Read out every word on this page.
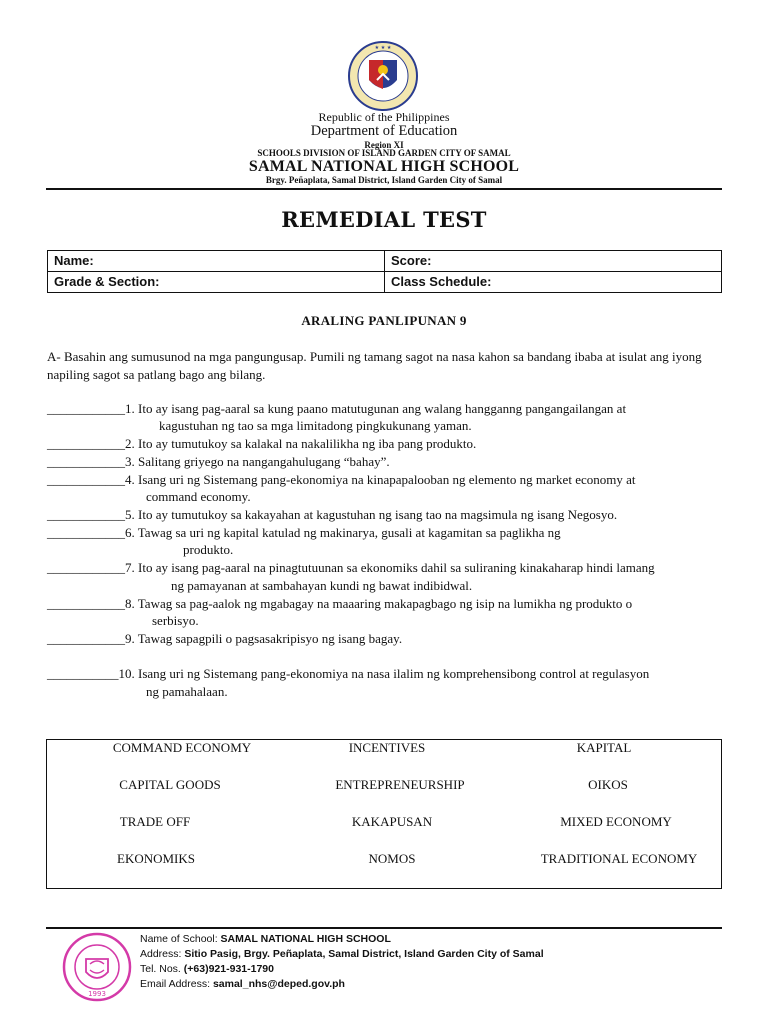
★ ★ ★
Republic of the Philippines
Department of Education
Region XI
SCHOOLS DIVISION OF ISLAND GARDEN CITY OF SAMAL
SAMAL NATIONAL HIGH SCHOOL
Brgy. Peñaplata, Samal District, Island Garden City of Samal
REMEDIAL TEST
Name:	Score:
Grade & Section:	Class Schedule:
ARALING PANLIPUNAN 9
A- Basahin ang sumusunod na mga pangungusap. Pumili ng tamang sagot na nasa kahon sa bandang ibaba at isulat ang iyong napiling sagot sa patlang bago ang bilang.
____________1. Ito ay isang pag-aaral sa kung paano matutugunan ang walang hangganng pangangailangan at
kagustuhan ng tao sa mga limitadong pingkukunang yaman.
____________2. Ito ay tumutukoy sa kalakal na nakalilikha ng iba pang produkto.
____________3. Salitang griyego na nangangahulugang “bahay”.
____________4. Isang uri ng Sistemang pang-ekonomiya na kinapapalooban ng elemento ng market economy at
command economy.
____________5. Ito ay tumutukoy sa kakayahan at kagustuhan ng isang tao na magsimula ng isang Negosyo.
____________6. Tawag sa uri ng kapital katulad ng makinarya, gusali at kagamitan sa paglikha ng
produkto.
____________7. Ito ay isang pag-aaral na pinagtutuunan sa ekonomiks dahil sa suliraning kinakaharap hindi lamang
ng pamayanan at sambahayan kundi ng bawat indibidwal.
____________8. Tawag sa pag-aalok ng mgabagay na maaaring makapagbago ng isip na lumikha ng produkto o
serbisyo.
____________9. Tawag sapagpili o pagsasakripisyo ng isang bagay.
___________10. Isang uri ng Sistemang pang-ekonomiya na nasa ilalim ng komprehensibong control at regulasyon
ng pamahalaan.
COMMAND ECONOMY	INCENTIVES	KAPITAL
CAPITAL GOODS	ENTREPRENEURSHIP	OIKOS
TRADE OFF	KAKAPUSAN	MIXED ECONOMY
EKONOMIKS	NOMOS	TRADITIONAL ECONOMY
1993
Name of School: SAMAL NATIONAL HIGH SCHOOL
Address: Sitio Pasig, Brgy. Peñaplata, Samal District, Island Garden City of Samal
Tel. Nos. (+63)921-931-1790
Email Address: samal_nhs@deped.gov.ph
